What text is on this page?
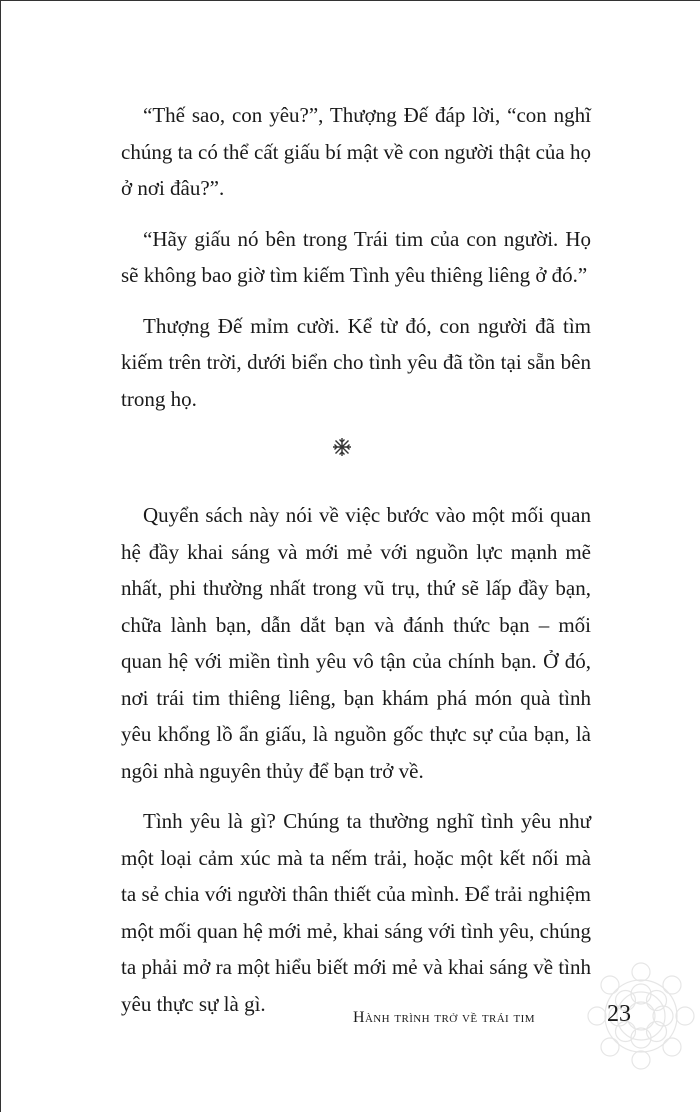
“Thế sao, con yêu?”, Thượng Đế đáp lời, “con nghĩ chúng ta có thể cất giấu bí mật về con người thật của họ ở nơi đâu?”.

“Hãy giấu nó bên trong Trái tim của con người. Họ sẽ không bao giờ tìm kiếm Tình yêu thiêng liêng ở đó.”

Thượng Đế mỉm cười. Kể từ đó, con người đã tìm kiếm trên trời, dưới biển cho tình yêu đã tồn tại sẵn bên trong họ.

Quyển sách này nói về việc bước vào một mối quan hệ đầy khai sáng và mới mẻ với nguồn lực mạnh mẽ nhất, phi thường nhất trong vũ trụ, thứ sẽ lấp đầy bạn, chữa lành bạn, dẫn dắt bạn và đánh thức bạn – mối quan hệ với miền tình yêu vô tận của chính bạn. Ở đó, nơi trái tim thiêng liêng, bạn khám phá món quà tình yêu khổng lồ ẩn giấu, là nguồn gốc thực sự của bạn, là ngôi nhà nguyên thủy để bạn trở về.

Tình yêu là gì? Chúng ta thường nghĩ tình yêu như một loại cảm xúc mà ta nếm trải, hoặc một kết nối mà ta sẻ chia với người thân thiết của mình. Để trải nghiệm một mối quan hệ mới mẻ, khai sáng với tình yêu, chúng ta phải mở ra một hiểu biết mới mẻ và khai sáng về tình yêu thực sự là gì.

Hành trình trở về trái tim	23
